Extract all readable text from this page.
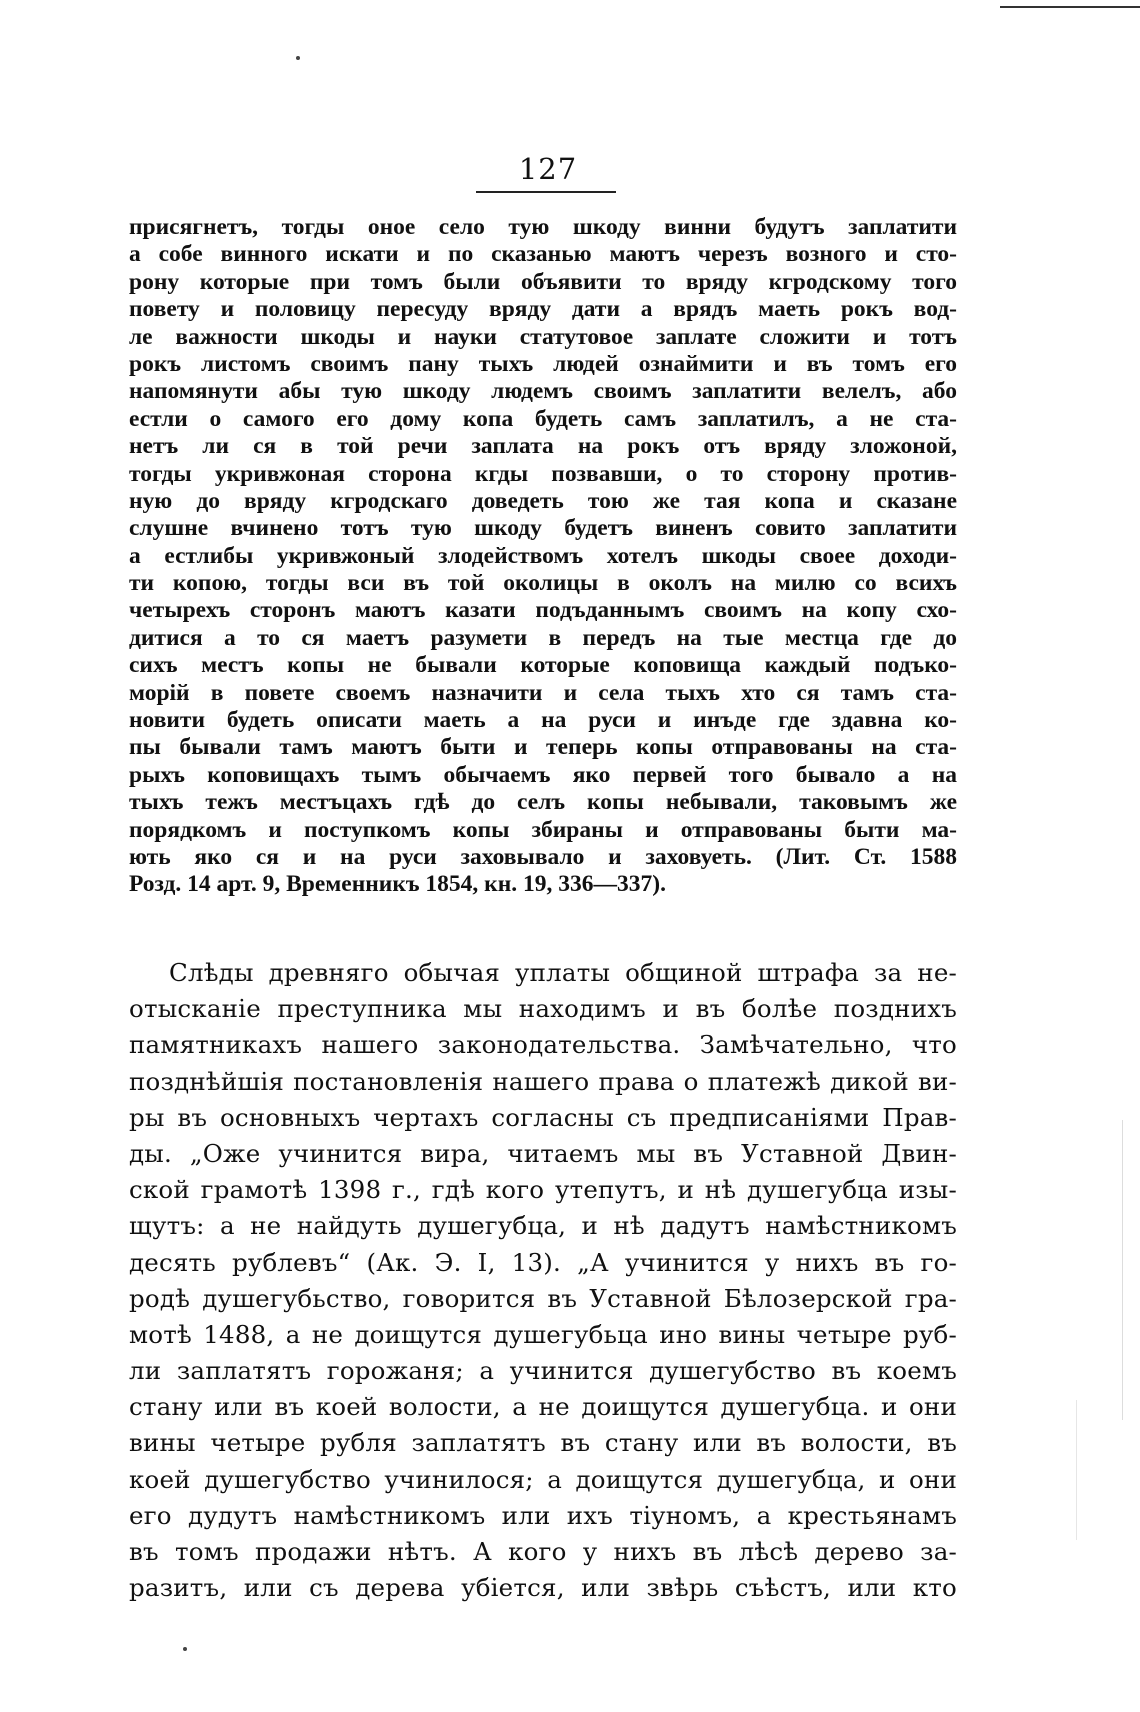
127
присягнетъ, тогды оное село тую шкоду винни будутъ заплатити
а собе винного искати и по сказанью маютъ черезъ возного и сто-
рону которые при томъ были объявити то вряду кгродскому того
повету и половицу пересуду вряду дати а врядъ маеть рокъ вод-
ле важности шкоды и науки статутовое заплате сложити и тотъ
рокъ листомъ своимъ пану тыхъ людей ознаймити и въ томъ его
напомянути абы тую шкоду людемъ своимъ заплатити велелъ, або
естли о самого его дому копа будеть самъ заплатилъ, а не ста-
нетъ ли ся в той речи заплата на рокъ отъ вряду зложоной,
тогды укривжоная сторона кгды позвавши, о то сторону против-
ную до вряду кгродскаго доведеть тою же тая копа и сказане
слушне вчинено тотъ тую шкоду будетъ виненъ совито заплатити
а естлибы укривжоный злодействомъ хотелъ шкоды своее доходи-
ти копою, тогды вси въ той околицы в околъ на милю со всихъ
четырехъ сторонъ маютъ казати подъданнымъ своимъ на копу схо-
дитися а то ся маетъ разумети в передъ на тые местца где до
сихъ местъ копы не бывали которые коповища каждый подъко-
морій в повете своемъ назначити и села тыхъ хто ся тамъ ста-
новити будеть описати маеть а на руси и инъде где здавна ко-
пы бывали тамъ маютъ быти и теперь копы отправованы на ста-
рыхъ коповищахъ тымъ обычаемъ яко первей того бывало а на
тыхъ тежъ местъцахъ гдѣ до селъ копы небывали, таковымъ же
порядкомъ и поступкомъ копы збираны и отправованы быти ма-
ють яко ся и на руси заховывало и заховуеть. (Лит. Ст. 1588
Розд. 14 арт. 9, Временникъ 1854, кн. 19, 336—337).
Слѣды древняго обычая уплаты общиной штрафа за не-
отысканіе преступника мы находимъ и въ болѣе позднихъ
памятникахъ нашего законодательства. Замѣчательно, что
позднѣйшія постановленія нашего права о платежѣ дикой ви-
ры въ основныхъ чертахъ согласны съ предписаніями Прав-
ды. „Оже учинится вира, читаемъ мы въ Уставной Двин-
ской грамотѣ 1398 г., гдѣ кого утепутъ, и нѣ душегубца изы-
щутъ: а не найдуть душегубца, и нѣ дадутъ намѣстникомъ
десять рублевъ“ (Ак. Э. I, 13). „А учинится у нихъ въ го-
родѣ душегубьство, говорится въ Уставной Бѣлозерской гра-
мотѣ 1488, а не доищутся душегубьца ино вины четыре руб-
ли заплатятъ горожаня; а учинится душегубство въ коемъ
стану или въ коей волости, а не доищутся душегубца. и они
вины четыре рубля заплатятъ въ стану или въ волости, въ
коей душегубство учинилося; а доищутся душегубца, и они
его дудутъ намѣстникомъ или ихъ тіуномъ, а крестьянамъ
въ томъ продажи нѣтъ. А кого у нихъ въ лѣсѣ дерево за-
разитъ, или съ дерева убіется, или звѣрь съѣстъ, или кто
